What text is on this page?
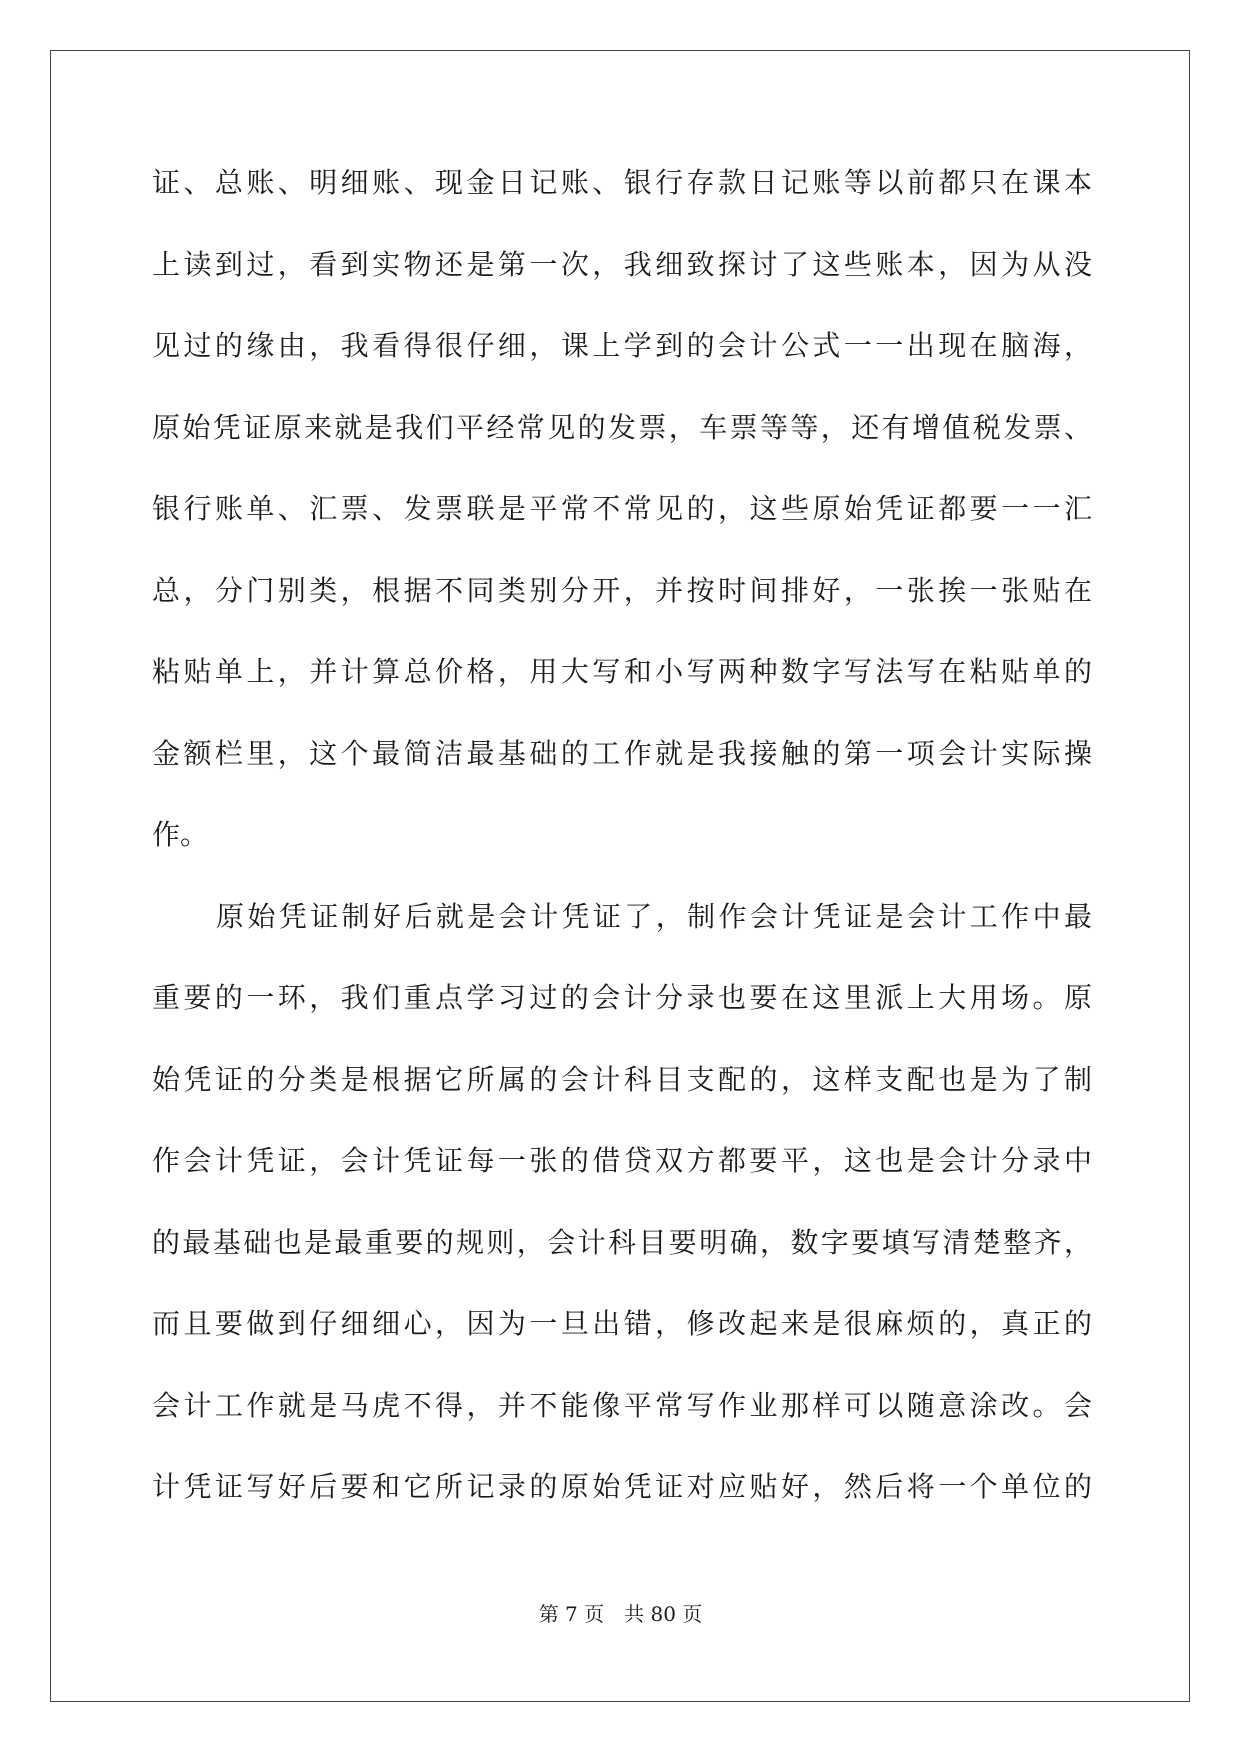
证、总账、明细账、现金日记账、银行存款日记账等以前都只在课本
上读到过，看到实物还是第一次，我细致探讨了这些账本，因为从没
见过的缘由，我看得很仔细，课上学到的会计公式一一出现在脑海，
原始凭证原来就是我们平经常见的发票，车票等等，还有增值税发票、
银行账单、汇票、发票联是平常不常见的，这些原始凭证都要一一汇
总，分门别类，根据不同类别分开，并按时间排好，一张挨一张贴在
粘贴单上，并计算总价格，用大写和小写两种数字写法写在粘贴单的
金额栏里，这个最简洁最基础的工作就是我接触的第一项会计实际操
作。
原始凭证制好后就是会计凭证了，制作会计凭证是会计工作中最
重要的一环，我们重点学习过的会计分录也要在这里派上大用场。原
始凭证的分类是根据它所属的会计科目支配的，这样支配也是为了制
作会计凭证，会计凭证每一张的借贷双方都要平，这也是会计分录中
的最基础也是最重要的规则，会计科目要明确，数字要填写清楚整齐，
而且要做到仔细细心，因为一旦出错，修改起来是很麻烦的，真正的
会计工作就是马虎不得，并不能像平常写作业那样可以随意涂改。会
计凭证写好后要和它所记录的原始凭证对应贴好，然后将一个单位的
第 7 页 共 80 页
